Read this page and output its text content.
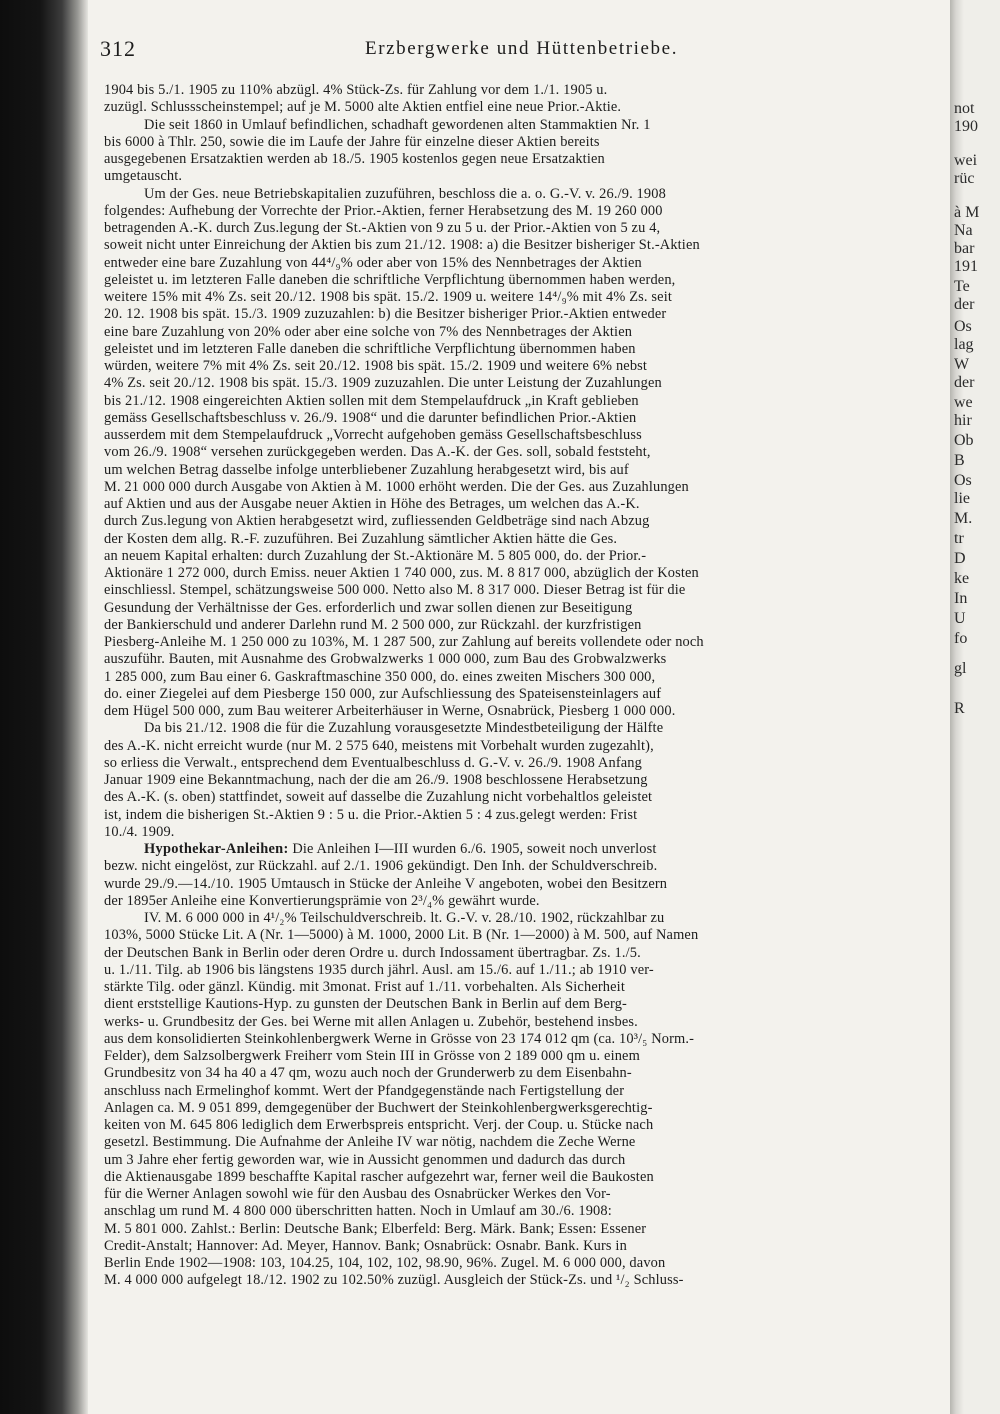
not
190
wei
rüc
à M
Na
bar
191
Te
der
Os
lag
W
der
we
hir
Ob
B
Os
lie
M.
tr
D
ke
In
U
fo
gl
R
312	Erzbergwerke und Hüttenbetriebe.
1904 bis 5./1. 1905 zu 110% abzügl. 4% Stück-Zs. für Zahlung vor dem 1./1. 1905 u.
zuzügl. Schlussscheinstempel; auf je M. 5000 alte Aktien entfiel eine neue Prior.-Aktie.
Die seit 1860 in Umlauf befindlichen, schadhaft gewordenen alten Stammaktien Nr. 1
bis 6000 à Thlr. 250, sowie die im Laufe der Jahre für einzelne dieser Aktien bereits
ausgegebenen Ersatzaktien werden ab 18./5. 1905 kostenlos gegen neue Ersatzaktien
umgetauscht.
Um der Ges. neue Betriebskapitalien zuzuführen, beschloss die a. o. G.-V. v. 26./9. 1908
folgendes: Aufhebung der Vorrechte der Prior.-Aktien, ferner Herabsetzung des M. 19 260 000
betragenden A.-K. durch Zus.legung der St.-Aktien von 9 zu 5 u. der Prior.-Aktien von 5 zu 4,
soweit nicht unter Einreichung der Aktien bis zum 21./12. 1908: a) die Besitzer bisheriger St.-Aktien
entweder eine bare Zuzahlung von 44⁴/₉% oder aber von 15% des Nennbetrages der Aktien
geleistet u. im letzteren Falle daneben die schriftliche Verpflichtung übernommen haben werden,
weitere 15% mit 4% Zs. seit 20./12. 1908 bis spät. 15./2. 1909 u. weitere 14⁴/₉% mit 4% Zs. seit
20. 12. 1908 bis spät. 15./3. 1909 zuzuzahlen: b) die Besitzer bisheriger Prior.-Aktien entweder
eine bare Zuzahlung von 20% oder aber eine solche von 7% des Nennbetrages der Aktien
geleistet und im letzteren Falle daneben die schriftliche Verpflichtung übernommen haben
würden, weitere 7% mit 4% Zs. seit 20./12. 1908 bis spät. 15./2. 1909 und weitere 6% nebst
4% Zs. seit 20./12. 1908 bis spät. 15./3. 1909 zuzuzahlen. Die unter Leistung der Zuzahlungen
bis 21./12. 1908 eingereichten Aktien sollen mit dem Stempelaufdruck „in Kraft geblieben
gemäss Gesellschaftsbeschluss v. 26./9. 1908“ und die darunter befindlichen Prior.-Aktien
ausserdem mit dem Stempelaufdruck „Vorrecht aufgehoben gemäss Gesellschaftsbeschluss
vom 26./9. 1908“ versehen zurückgegeben werden. Das A.-K. der Ges. soll, sobald feststeht,
um welchen Betrag dasselbe infolge unterbliebener Zuzahlung herabgesetzt wird, bis auf
M. 21 000 000 durch Ausgabe von Aktien à M. 1000 erhöht werden. Die der Ges. aus Zuzahlungen
auf Aktien und aus der Ausgabe neuer Aktien in Höhe des Betrages, um welchen das A.-K.
durch Zus.legung von Aktien herabgesetzt wird, zufliessenden Geldbeträge sind nach Abzug
der Kosten dem allg. R.-F. zuzuführen. Bei Zuzahlung sämtlicher Aktien hätte die Ges.
an neuem Kapital erhalten: durch Zuzahlung der St.-Aktionäre M. 5 805 000, do. der Prior.-
Aktionäre 1 272 000, durch Emiss. neuer Aktien 1 740 000, zus. M. 8 817 000, abzüglich der Kosten
einschliessl. Stempel, schätzungsweise 500 000. Netto also M. 8 317 000. Dieser Betrag ist für die
Gesundung der Verhältnisse der Ges. erforderlich und zwar sollen dienen zur Beseitigung
der Bankierschuld und anderer Darlehn rund M. 2 500 000, zur Rückzahl. der kurzfristigen
Piesberg-Anleihe M. 1 250 000 zu 103%, M. 1 287 500, zur Zahlung auf bereits vollendete oder noch
auszuführ. Bauten, mit Ausnahme des Grobwalzwerks 1 000 000, zum Bau des Grobwalzwerks
1 285 000, zum Bau einer 6. Gaskraftmaschine 350 000, do. eines zweiten Mischers 300 000,
do. einer Ziegelei auf dem Piesberge 150 000, zur Aufschliessung des Spateisensteinlagers auf
dem Hügel 500 000, zum Bau weiterer Arbeiterhäuser in Werne, Osnabrück, Piesberg 1 000 000.
Da bis 21./12. 1908 die für die Zuzahlung vorausgesetzte Mindestbeteiligung der Hälfte
des A.-K. nicht erreicht wurde (nur M. 2 575 640, meistens mit Vorbehalt wurden zugezahlt),
so erliess die Verwalt., entsprechend dem Eventualbeschluss d. G.-V. v. 26./9. 1908 Anfang
Januar 1909 eine Bekanntmachung, nach der die am 26./9. 1908 beschlossene Herabsetzung
des A.-K. (s. oben) stattfindet, soweit auf dasselbe die Zuzahlung nicht vorbehaltlos geleistet
ist, indem die bisherigen St.-Aktien 9 : 5 u. die Prior.-Aktien 5 : 4 zus.gelegt werden: Frist
10./4. 1909.
Hypothekar-Anleihen: Die Anleihen I—III wurden 6./6. 1905, soweit noch unverlost
bezw. nicht eingelöst, zur Rückzahl. auf 2./1. 1906 gekündigt. Den Inh. der Schuldverschreib.
wurde 29./9.—14./10. 1905 Umtausch in Stücke der Anleihe V angeboten, wobei den Besitzern
der 1895er Anleihe eine Konvertierungsprämie von 2³/₄% gewährt wurde.
IV. M. 6 000 000 in 4¹/₂% Teilschuldverschreib. lt. G.-V. v. 28./10. 1902, rückzahlbar zu
103%, 5000 Stücke Lit. A (Nr. 1—5000) à M. 1000, 2000 Lit. B (Nr. 1—2000) à M. 500, auf Namen
der Deutschen Bank in Berlin oder deren Ordre u. durch Indossament übertragbar. Zs. 1./5.
u. 1./11. Tilg. ab 1906 bis längstens 1935 durch jährl. Ausl. am 15./6. auf 1./11.; ab 1910 ver-
stärkte Tilg. oder gänzl. Kündig. mit 3monat. Frist auf 1./11. vorbehalten. Als Sicherheit
dient erststellige Kautions-Hyp. zu gunsten der Deutschen Bank in Berlin auf dem Berg-
werks- u. Grundbesitz der Ges. bei Werne mit allen Anlagen u. Zubehör, bestehend insbes.
aus dem konsolidierten Steinkohlenbergwerk Werne in Grösse von 23 174 012 qm (ca. 10³/₅ Norm.-
Felder), dem Salzsolbergwerk Freiherr vom Stein III in Grösse von 2 189 000 qm u. einem
Grundbesitz von 34 ha 40 a 47 qm, wozu auch noch der Grunderwerb zu dem Eisenbahn-
anschluss nach Ermelinghof kommt. Wert der Pfandgegenstände nach Fertigstellung der
Anlagen ca. M. 9 051 899, demgegenüber der Buchwert der Steinkohlenbergwerksgerechtig-
keiten von M. 645 806 lediglich dem Erwerbspreis entspricht. Verj. der Coup. u. Stücke nach
gesetzl. Bestimmung. Die Aufnahme der Anleihe IV war nötig, nachdem die Zeche Werne
um 3 Jahre eher fertig geworden war, wie in Aussicht genommen und dadurch das durch
die Aktienausgabe 1899 beschaffte Kapital rascher aufgezehrt war, ferner weil die Baukosten
für die Werner Anlagen sowohl wie für den Ausbau des Osnabrücker Werkes den Vor-
anschlag um rund M. 4 800 000 überschritten hatten. Noch in Umlauf am 30./6. 1908:
M. 5 801 000. Zahlst.: Berlin: Deutsche Bank; Elberfeld: Berg. Märk. Bank; Essen: Essener
Credit-Anstalt; Hannover: Ad. Meyer, Hannov. Bank; Osnabrück: Osnabr. Bank. Kurs in
Berlin Ende 1902—1908: 103, 104.25, 104, 102, 102, 98.90, 96%. Zugel. M. 6 000 000, davon
M. 4 000 000 aufgelegt 18./12. 1902 zu 102.50% zuzügl. Ausgleich der Stück-Zs. und ¹/₂ Schluss-
